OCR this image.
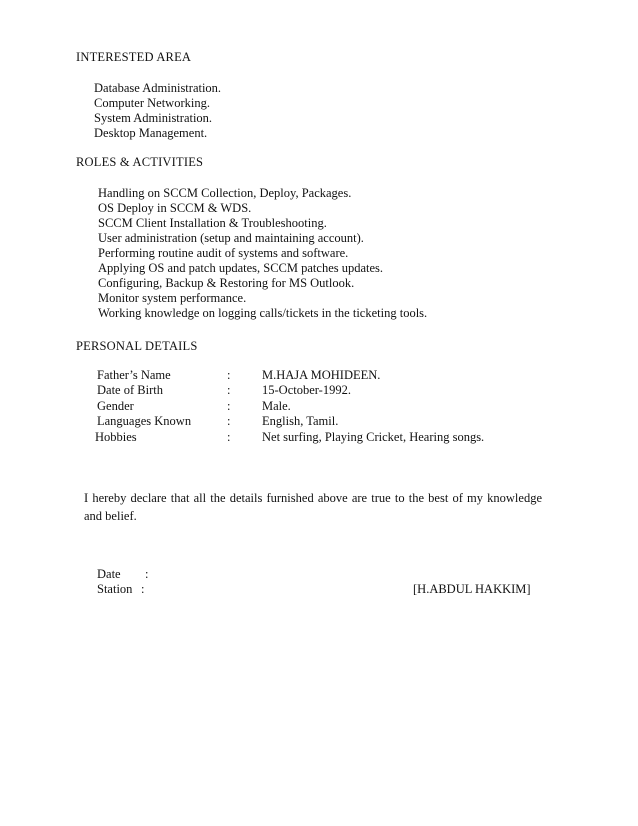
INTERESTED AREA
Database Administration.
Computer Networking.
System Administration.
Desktop Management.
ROLES & ACTIVITIES
Handling on SCCM Collection, Deploy, Packages.
OS Deploy in SCCM & WDS.
SCCM Client Installation & Troubleshooting.
User administration (setup and maintaining account).
Performing routine audit of systems and software.
Applying OS and patch updates, SCCM patches updates.
Configuring, Backup & Restoring for MS Outlook.
Monitor system performance.
Working knowledge on logging calls/tickets in the ticketing tools.
PERSONAL DETAILS
Father’s Name	:	M.HAJA MOHIDEEN.
Date of Birth	:	15-October-1992.
Gender	:	Male.
Languages Known	:	English, Tamil.
Hobbies	:	Net surfing, Playing Cricket, Hearing songs.
I hereby declare that all the details furnished above are true to the best of my knowledge and belief.
Date :
Station :	[H.ABDUL HAKKIM]
